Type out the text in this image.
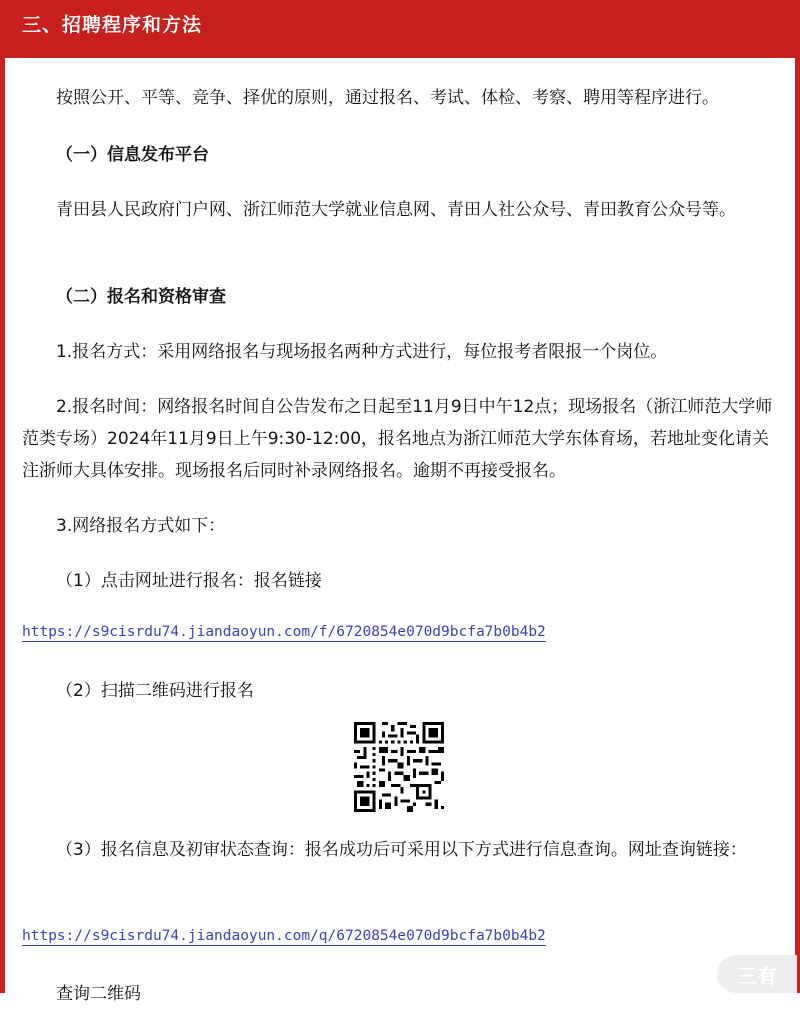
三、招聘程序和方法

按照公开、平等、竞争、择优的原则，通过报名、考试、体检、考察、聘用等程序进行。

（一）信息发布平台

青田县人民政府门户网、浙江师范大学就业信息网、青田人社公众号、青田教育公众号等。

（二）报名和资格审查

1.报名方式：采用网络报名与现场报名两种方式进行，每位报考者限报一个岗位。

2.报名时间：网络报名时间自公告发布之日起至11月9日中午12点；现场报名（浙江师范大学师范类专场）2024年11月9日上午9:30-12:00，报名地点为浙江师范大学东体育场，若地址变化请关注浙师大具体安排。现场报名后同时补录网络报名。逾期不再接受报名。

3.网络报名方式如下：

（1）点击网址进行报名：报名链接

https://s9cisrdu74.jiandaoyun.com/f/6720854e070d9bcfa7b0b4b2

（2）扫描二维码进行报名

（3）报名信息及初审状态查询：报名成功后可采用以下方式进行信息查询。网址查询链接：

https://s9cisrdu74.jiandaoyun.com/q/6720854e070d9bcfa7b0b4b2

查询二维码

三有
